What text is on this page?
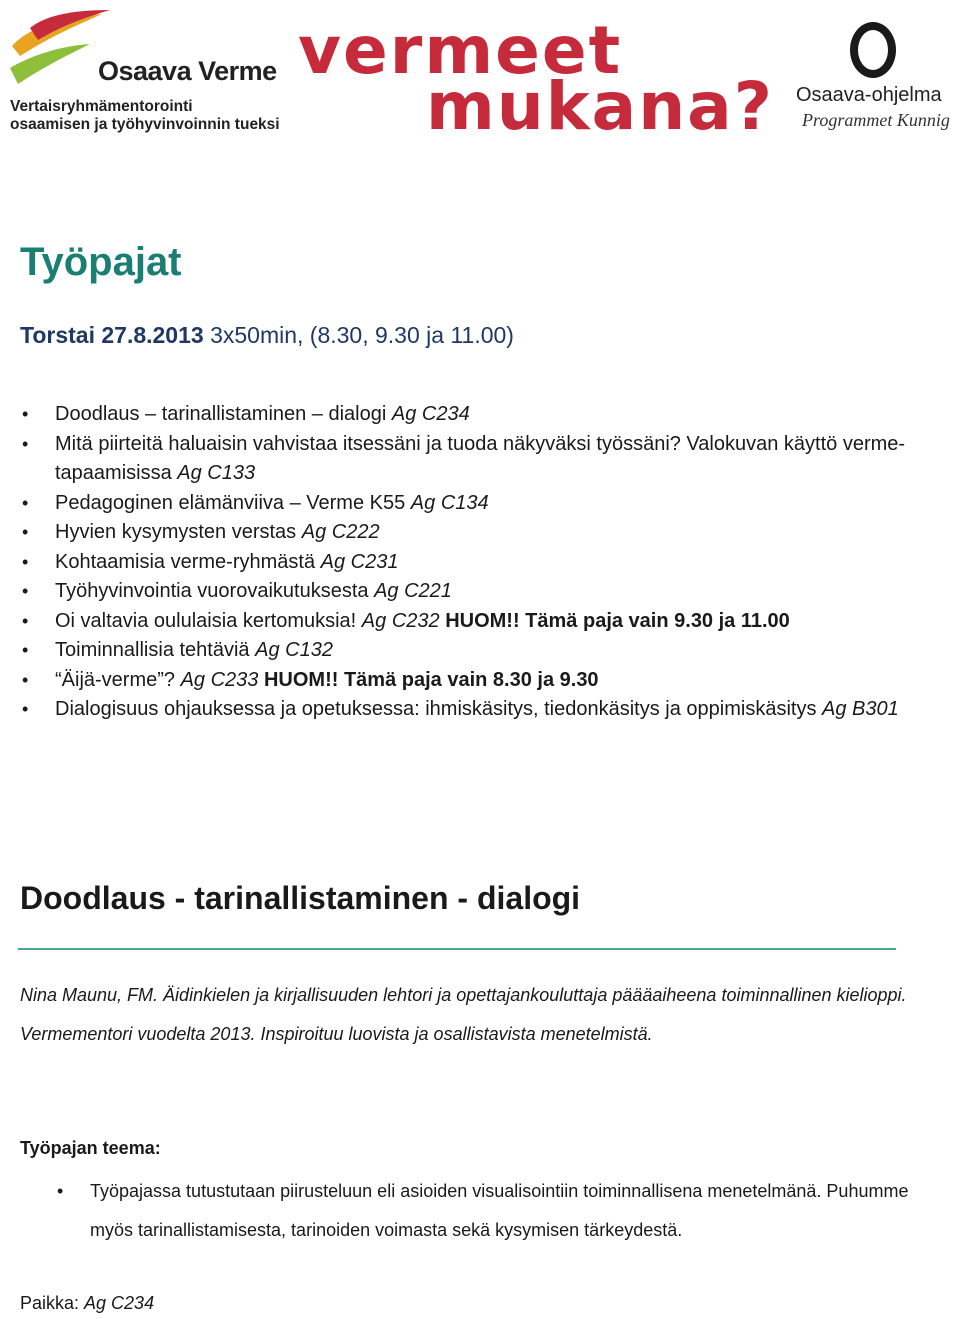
Osaava Verme
Vertaisryhmämentorointi
osaamisen ja työhyvinvoinnin tueksi
vermeet
mukana? Osaava-ohjelma
Programmet Kunnig
Työpajat
Torstai 27.8.2013 3x50min, (8.30, 9.30 ja 11.00)
• Doodlaus – tarinallistaminen – dialogi Ag C234
• Mitä piirteitä haluaisin vahvistaa itsessäni ja tuoda näkyväksi työssäni? Valokuvan käyttö verme-tapaamisissa Ag C133
• Pedagoginen elämänviiva – Verme K55 Ag C134
• Hyvien kysymysten verstas Ag C222
• Kohtaamisia verme-ryhmästä Ag C231
• Työhyvinvointia vuorovaikutuksesta Ag C221
• Oi valtavia oululaisia kertomuksia! Ag C232 HUOM!! Tämä paja vain 9.30 ja 11.00
• Toiminnallisia tehtäviä Ag C132
• “Äijä-verme”? Ag C233 HUOM!! Tämä paja vain 8.30 ja 9.30
• Dialogisuus ohjauksessa ja opetuksessa: ihmiskäsitys, tiedonkäsitys ja oppimiskäsitys Ag B301
Doodlaus - tarinallistaminen - dialogi

Nina Maunu, FM. Äidinkielen ja kirjallisuuden lehtori ja opettajankouluttaja päääaiheena toiminnallinen kielioppi. Vermementori vuodelta 2013. Inspiroituu luovista ja osallistavista menetelmistä.

Työpajan teema:
• Työpajassa tutustutaan piirusteluun eli asioiden visualisointiin toiminnallisena menetelmänä. Puhumme myös tarinallistamisesta, tarinoiden voimasta sekä kysymisen tärkeydestä.
Paikka: Ag C234
